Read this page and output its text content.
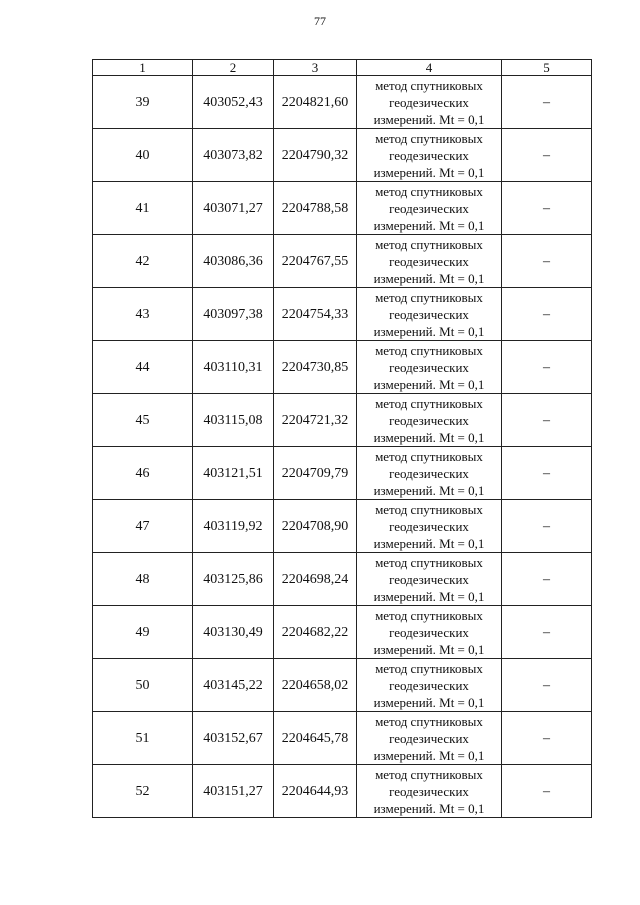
77
1	2	3	4	5
39	403052,43	2204821,60	метод спутниковых
геодезических
измерений. Mt = 0,1	–
40	403073,82	2204790,32	метод спутниковых
геодезических
измерений. Mt = 0,1	–
41	403071,27	2204788,58	метод спутниковых
геодезических
измерений. Mt = 0,1	–
42	403086,36	2204767,55	метод спутниковых
геодезических
измерений. Mt = 0,1	–
43	403097,38	2204754,33	метод спутниковых
геодезических
измерений. Mt = 0,1	–
44	403110,31	2204730,85	метод спутниковых
геодезических
измерений. Mt = 0,1	–
45	403115,08	2204721,32	метод спутниковых
геодезических
измерений. Mt = 0,1	–
46	403121,51	2204709,79	метод спутниковых
геодезических
измерений. Mt = 0,1	–
47	403119,92	2204708,90	метод спутниковых
геодезических
измерений. Mt = 0,1	–
48	403125,86	2204698,24	метод спутниковых
геодезических
измерений. Mt = 0,1	–
49	403130,49	2204682,22	метод спутниковых
геодезических
измерений. Mt = 0,1	–
50	403145,22	2204658,02	метод спутниковых
геодезических
измерений. Mt = 0,1	–
51	403152,67	2204645,78	метод спутниковых
геодезических
измерений. Mt = 0,1	–
52	403151,27	2204644,93	метод спутниковых
геодезических
измерений. Mt = 0,1	–
